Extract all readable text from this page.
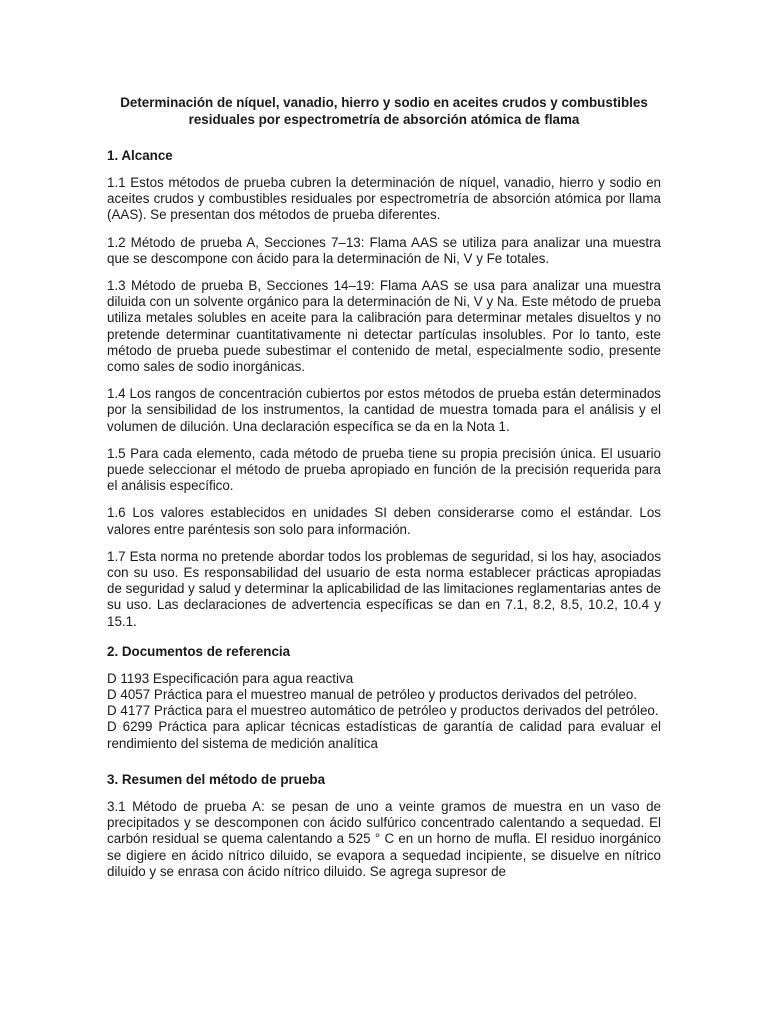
Determinación de níquel, vanadio, hierro y sodio en aceites crudos y combustibles residuales por espectrometría de absorción atómica de flama
1. Alcance

1.1 Estos métodos de prueba cubren la determinación de níquel, vanadio, hierro y sodio en aceites crudos y combustibles residuales por espectrometría de absorción atómica por llama (AAS). Se presentan dos métodos de prueba diferentes.

1.2 Método de prueba A, Secciones 7–13: Flama AAS se utiliza para analizar una muestra que se descompone con ácido para la determinación de Ni, V y Fe totales.

1.3 Método de prueba B, Secciones 14–19: Flama AAS se usa para analizar una muestra diluida con un solvente orgánico para la determinación de Ni, V y Na. Este método de prueba utiliza metales solubles en aceite para la calibración para determinar metales disueltos y no pretende determinar cuantitativamente ni detectar partículas insolubles. Por lo tanto, este método de prueba puede subestimar el contenido de metal, especialmente sodio, presente como sales de sodio inorgánicas.

1.4 Los rangos de concentración cubiertos por estos métodos de prueba están determinados por la sensibilidad de los instrumentos, la cantidad de muestra tomada para el análisis y el volumen de dilución. Una declaración específica se da en la Nota 1.

1.5 Para cada elemento, cada método de prueba tiene su propia precisión única. El usuario puede seleccionar el método de prueba apropiado en función de la precisión requerida para el análisis específico.

1.6 Los valores establecidos en unidades SI deben considerarse como el estándar. Los valores entre paréntesis son solo para información.

1.7 Esta norma no pretende abordar todos los problemas de seguridad, si los hay, asociados con su uso. Es responsabilidad del usuario de esta norma establecer prácticas apropiadas de seguridad y salud y determinar la aplicabilidad de las limitaciones reglamentarias antes de su uso. Las declaraciones de advertencia específicas se dan en 7.1, 8.2, 8.5, 10.2, 10.4 y 15.1.

2. Documentos de referencia
D 1193 Especificación para agua reactiva
D 4057 Práctica para el muestreo manual de petróleo y productos derivados del petróleo.
D 4177 Práctica para el muestreo automático de petróleo y productos derivados del petróleo.
D 6299 Práctica para aplicar técnicas estadísticas de garantía de calidad para evaluar el rendimiento del sistema de medición analítica
3. Resumen del método de prueba

3.1 Método de prueba A: se pesan de uno a veinte gramos de muestra en un vaso de precipitados y se descomponen con ácido sulfúrico concentrado calentando a sequedad. El carbón residual se quema calentando a 525 ° C en un horno de mufla. El residuo inorgánico se digiere en ácido nítrico diluido, se evapora a sequedad incipiente, se disuelve en nítrico diluido y se enrasa con ácido nítrico diluido. Se agrega supresor de
